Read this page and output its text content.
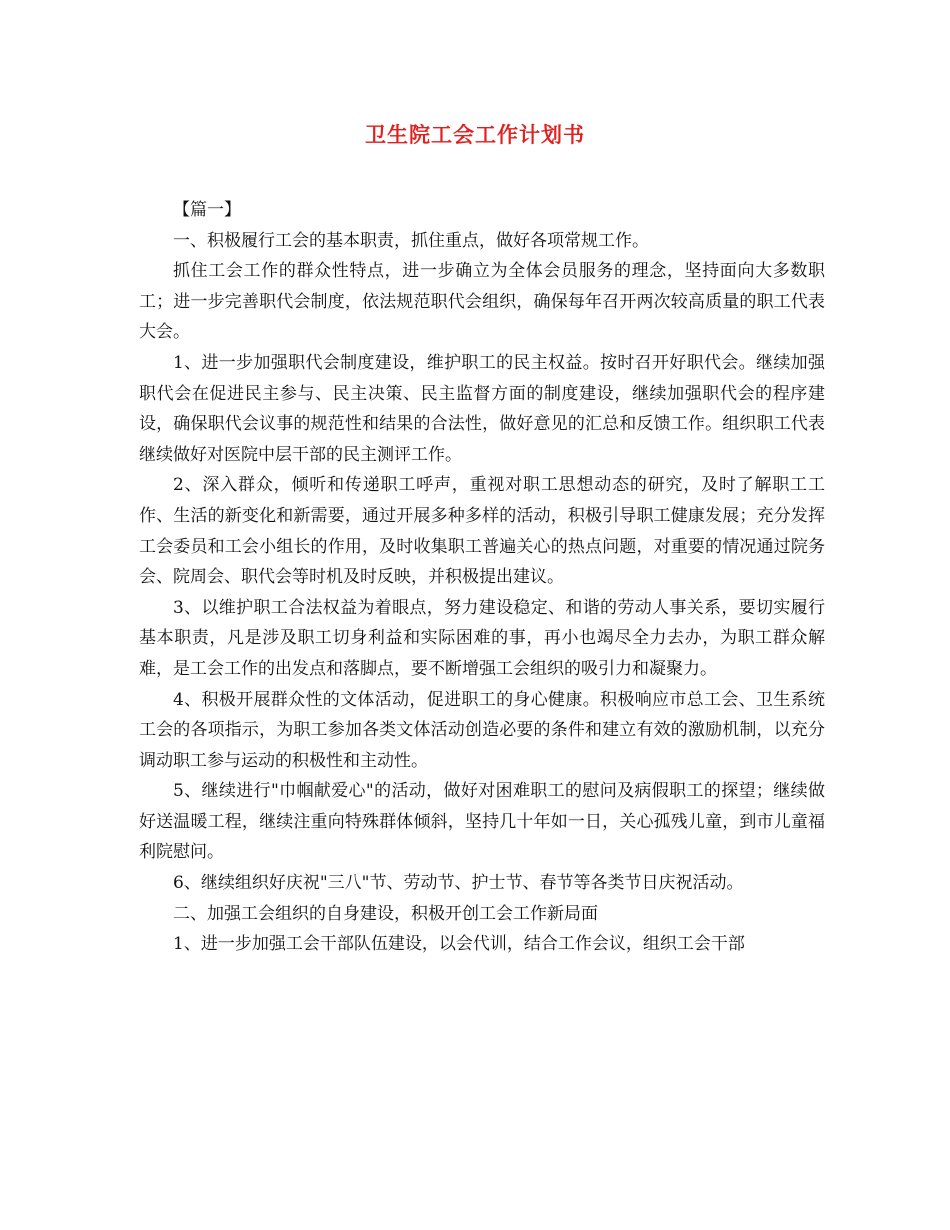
卫生院工会工作计划书

【篇一】

一、积极履行工会的基本职责，抓住重点，做好各项常规工作。

抓住工会工作的群众性特点，进一步确立为全体会员服务的理念，坚持面向大多数职工；进一步完善职代会制度，依法规范职代会组织，确保每年召开两次较高质量的职工代表大会。

1、进一步加强职代会制度建设，维护职工的民主权益。按时召开好职代会。继续加强职代会在促进民主参与、民主决策、民主监督方面的制度建设，继续加强职代会的程序建设，确保职代会议事的规范性和结果的合法性，做好意见的汇总和反馈工作。组织职工代表继续做好对医院中层干部的民主测评工作。

2、深入群众，倾听和传递职工呼声，重视对职工思想动态的研究，及时了解职工工作、生活的新变化和新需要，通过开展多种多样的活动，积极引导职工健康发展；充分发挥工会委员和工会小组长的作用，及时收集职工普遍关心的热点问题，对重要的情况通过院务会、院周会、职代会等时机及时反映，并积极提出建议。

3、以维护职工合法权益为着眼点，努力建设稳定、和谐的劳动人事关系，要切实履行基本职责，凡是涉及职工切身利益和实际困难的事，再小也竭尽全力去办，为职工群众解难，是工会工作的出发点和落脚点，要不断增强工会组织的吸引力和凝聚力。

4、积极开展群众性的文体活动，促进职工的身心健康。积极响应市总工会、卫生系统工会的各项指示，为职工参加各类文体活动创造必要的条件和建立有效的激励机制，以充分调动职工参与运动的积极性和主动性。

5、继续进行"巾帼献爱心"的活动，做好对困难职工的慰问及病假职工的探望；继续做好送温暖工程，继续注重向特殊群体倾斜，坚持几十年如一日，关心孤残儿童，到市儿童福利院慰问。

6、继续组织好庆祝"三八"节、劳动节、护士节、春节等各类节日庆祝活动。

二、加强工会组织的自身建设，积极开创工会工作新局面

1、进一步加强工会干部队伍建设，以会代训，结合工作会议，组织工会干部
